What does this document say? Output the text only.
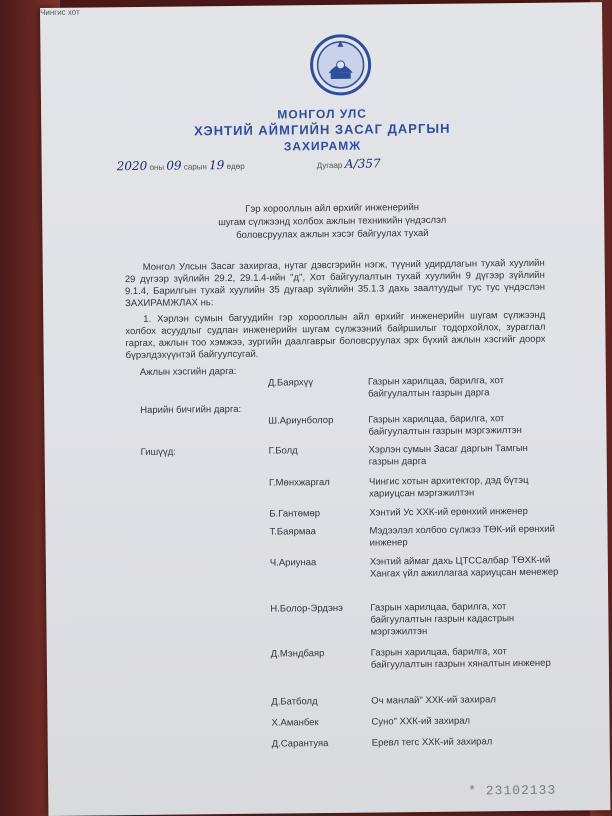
МОНГОЛ УЛС
ХЭНТИЙ АЙМГИЙН ЗАСАГ ДАРГЫН
ЗАХИРАМЖ
2020 оны 09 сарын 19 өдөр	Дугаар А/357
Чингис хот
Гэр хорооллын айл өрхийг инженерийн
шугам сүлжээнд холбох ажлын техникийн үндэслэл
боловсруулах ажлын хэсэг байгуулах тухай
Монгол Улсын Засаг захиргаа, нутаг дэвсгэрийн нэгж, түүний удирдлагын тухай хуулийн 29 дүгээр зүйлийн 29.2, 29.1.4-ийн "д", Хот байгуулалтын тухай хуулийн 9 дүгээр зүйлийн 9.1.4, Барилгын тухай хуулийн 35 дугаар зүйлийн 35.1.3 дахь заалтуудыг тус тус үндэслэн ЗАХИРАМЖЛАХ нь:
1. Хэрлэн сумын багуудийн гэр хорооллын айл өрхийг инженерийн шугам сүлжээнд холбох асуудлыг судлан инженерийн шугам сүлжээний байршилыг тодорхойлох, зураглал гаргах, ажлын тоо хэмжээ, зургийн даалгаврыг боловсруулах эрх бүхий ажлын хэсгийг доорх бүрэлдэхүүнтэй байгуулсугай.
Ажлын хэсгийн дарга:
Д.Баярхүү	Газрын харилцаа, барилга, хот байгуулалтын газрын дарга
Нарийн бичгийн дарга:
Ш.Ариунболор	Газрын харилцаа, барилга, хот байгуулалтын газрын мэргэжилтэн
Гишүүд:	Г.Болд	Хэрлэн сумын Засаг даргын Тамгын газрын дарга
Г.Мөнхжаргал	Чингис хотын архитектор, дэд бүтэц хариуцсан мэргэжилтэн
Б.Гантөмөр	Хэнтий Ус ХХК-ий ерөнхий инженер
Т.Баярмаа	Мэдээлэл холбоо сүлжээ ТӨК-ий ерөнхий инженер
Ч.Ариунаа	Хэнтий аймаг дахь ЦТССалбар ТӨХК-ий Хангах үйл ажиллагаа хариуцсан менежер
Н.Болор-Эрдэнэ	Газрын харилцаа, барилга, хот байгуулалтын газрын кадастрын мэргэжилтэн
Д.Мэндбаяр	Газрын харилцаа, барилга, хот байгуулалтын газрын хяналтын инженер
Д.Батболд	Оч манлай" ХХК-ий захирал
Х.Аманбек	Суно" ХХК-ий захирал
Д.Сарантуяа	Еревл тегс ХХК-ий захирал
* 23102133
